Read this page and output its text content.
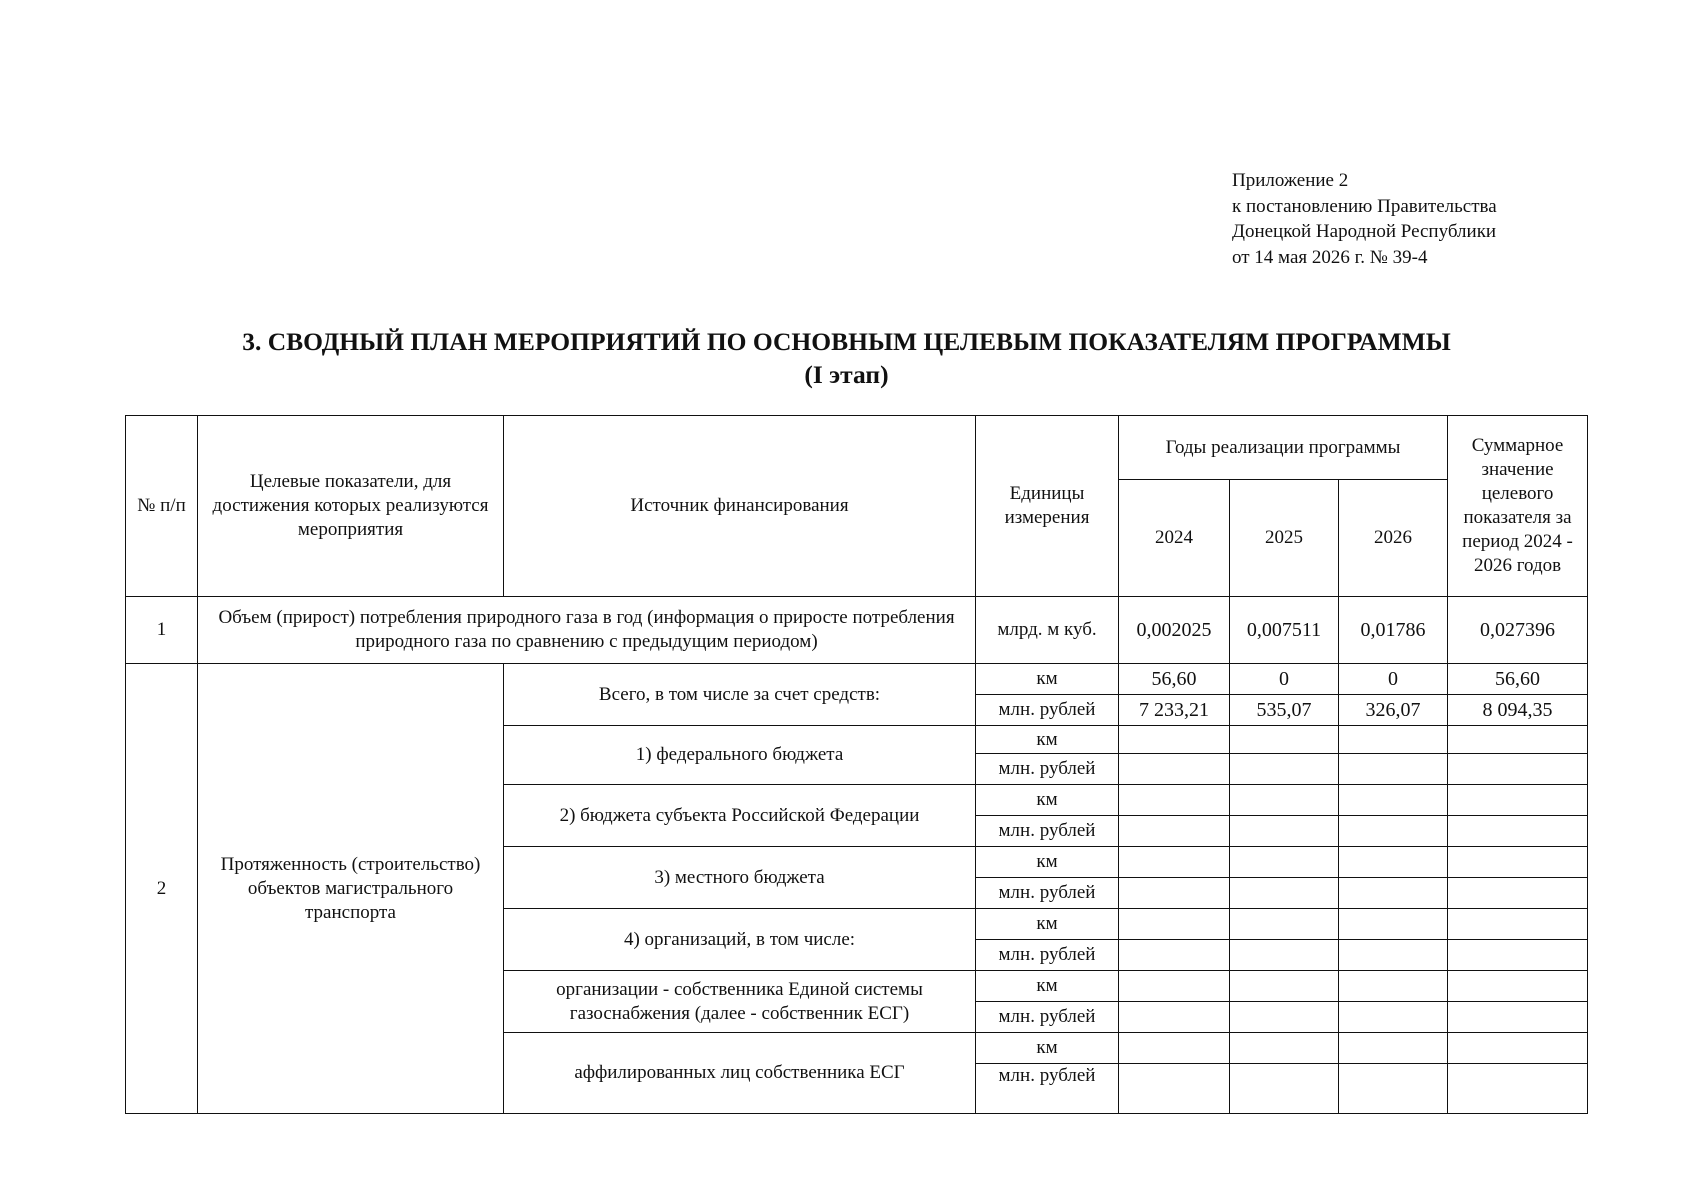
Приложение 2
к постановлению Правительства
Донецкой Народной Республики
от 14 мая 2026 г. № 39-4
3. СВОДНЫЙ ПЛАН МЕРОПРИЯТИЙ ПО ОСНОВНЫМ ЦЕЛЕВЫМ ПОКАЗАТЕЛЯМ ПРОГРАММЫ
(I этап)
№ п/п	Целевые показатели, для достижения которых реализуются мероприятия	Источник финансирования	Единицы измерения	Годы реализации программы			Суммарное значение целевого показателя за период 2024 - 2026 годов
				2024	2025	2026	
1	Объем (прирост) потребления природного газа в год (информация о приросте потребления природного газа по сравнению с предыдущим периодом)		млрд. м куб.	0,002025	0,007511	0,01786	0,027396
2	Протяженность (строительство) объектов магистрального транспорта	Всего, в том числе за счет средств:	км	56,60	0	0	56,60
			млн. рублей	7 233,21	535,07	326,07	8 094,35
		1) федерального бюджета	км				
			млн. рублей				
		2) бюджета субъекта Российской Федерации	км				
			млн. рублей				
		3) местного бюджета	км				
			млн. рублей				
		4) организаций, в том числе:	км				
			млн. рублей				
		организации - собственника Единой системы газоснабжения (далее - собственник ЕСГ)	км				
			млн. рублей				
		аффилированных лиц собственника ЕСГ	км				
			млн. рублей				
